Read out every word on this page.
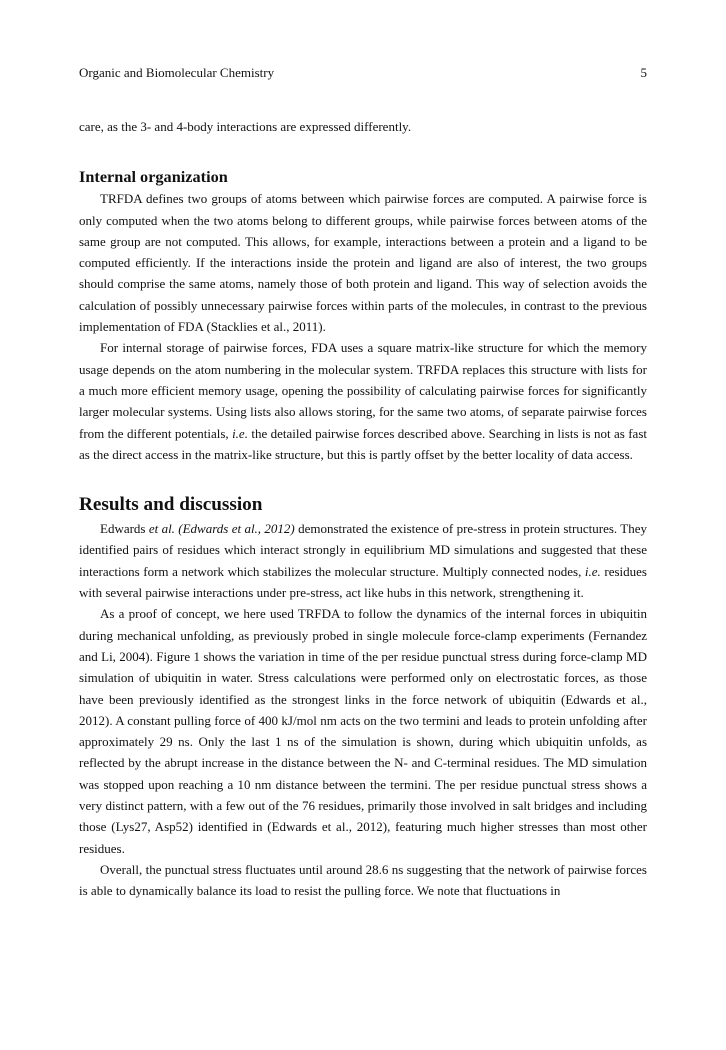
Organic and Biomolecular Chemistry	5

care, as the 3- and 4-body interactions are expressed differently.

Internal organization

TRFDA defines two groups of atoms between which pairwise forces are computed. A pairwise force is only computed when the two atoms belong to different groups, while pairwise forces between atoms of the same group are not computed. This allows, for example, interactions between a protein and a ligand to be computed efficiently. If the interactions inside the protein and ligand are also of interest, the two groups should comprise the same atoms, namely those of both protein and ligand. This way of selection avoids the calculation of possibly unnecessary pairwise forces within parts of the molecules, in contrast to the previous implementation of FDA (Stacklies et al., 2011).

For internal storage of pairwise forces, FDA uses a square matrix-like structure for which the memory usage depends on the atom numbering in the molecular system. TRFDA replaces this structure with lists for a much more efficient memory usage, opening the possibility of calculating pairwise forces for significantly larger molecular systems. Using lists also allows storing, for the same two atoms, of separate pairwise forces from the different potentials, i.e. the detailed pairwise forces described above. Searching in lists is not as fast as the direct access in the matrix-like structure, but this is partly offset by the better locality of data access.

Results and discussion

Edwards et al. (Edwards et al., 2012) demonstrated the existence of pre-stress in protein structures. They identified pairs of residues which interact strongly in equilibrium MD simulations and suggested that these interactions form a network which stabilizes the molecular structure. Multiply connected nodes, i.e. residues with several pairwise interactions under pre-stress, act like hubs in this network, strengthening it.

As a proof of concept, we here used TRFDA to follow the dynamics of the internal forces in ubiquitin during mechanical unfolding, as previously probed in single molecule force-clamp experiments (Fernandez and Li, 2004). Figure 1 shows the variation in time of the per residue punctual stress during force-clamp MD simulation of ubiquitin in water. Stress calculations were performed only on electrostatic forces, as those have been previously identified as the strongest links in the force network of ubiquitin (Edwards et al., 2012). A constant pulling force of 400 kJ/mol nm acts on the two termini and leads to protein unfolding after approximately 29 ns. Only the last 1 ns of the simulation is shown, during which ubiquitin unfolds, as reflected by the abrupt increase in the distance between the N- and C-terminal residues. The MD simulation was stopped upon reaching a 10 nm distance between the termini. The per residue punctual stress shows a very distinct pattern, with a few out of the 76 residues, primarily those involved in salt bridges and including those (Lys27, Asp52) identified in (Edwards et al., 2012), featuring much higher stresses than most other residues.

Overall, the punctual stress fluctuates until around 28.6 ns suggesting that the network of pairwise forces is able to dynamically balance its load to resist the pulling force. We note that fluctuations in
